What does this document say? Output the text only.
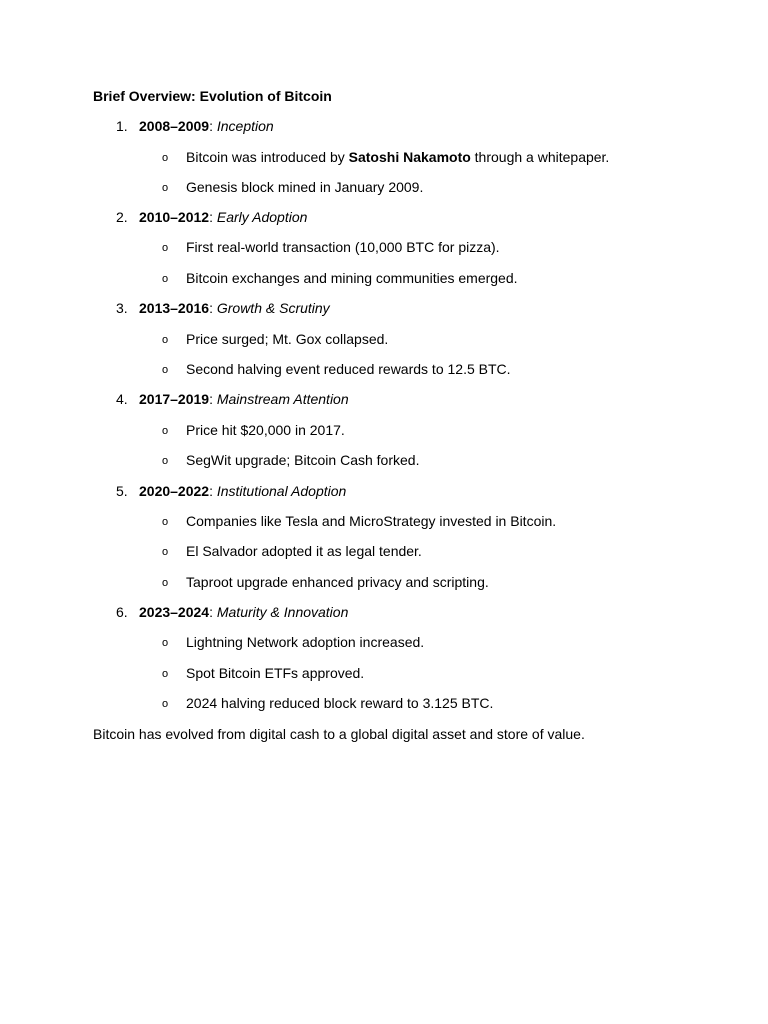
Brief Overview: Evolution of Bitcoin
1. 2008–2009: Inception
o Bitcoin was introduced by Satoshi Nakamoto through a whitepaper.
o Genesis block mined in January 2009.
2. 2010–2012: Early Adoption
o First real-world transaction (10,000 BTC for pizza).
o Bitcoin exchanges and mining communities emerged.
3. 2013–2016: Growth & Scrutiny
o Price surged; Mt. Gox collapsed.
o Second halving event reduced rewards to 12.5 BTC.
4. 2017–2019: Mainstream Attention
o Price hit $20,000 in 2017.
o SegWit upgrade; Bitcoin Cash forked.
5. 2020–2022: Institutional Adoption
o Companies like Tesla and MicroStrategy invested in Bitcoin.
o El Salvador adopted it as legal tender.
o Taproot upgrade enhanced privacy and scripting.
6. 2023–2024: Maturity & Innovation
o Lightning Network adoption increased.
o Spot Bitcoin ETFs approved.
o 2024 halving reduced block reward to 3.125 BTC.
Bitcoin has evolved from digital cash to a global digital asset and store of value.
